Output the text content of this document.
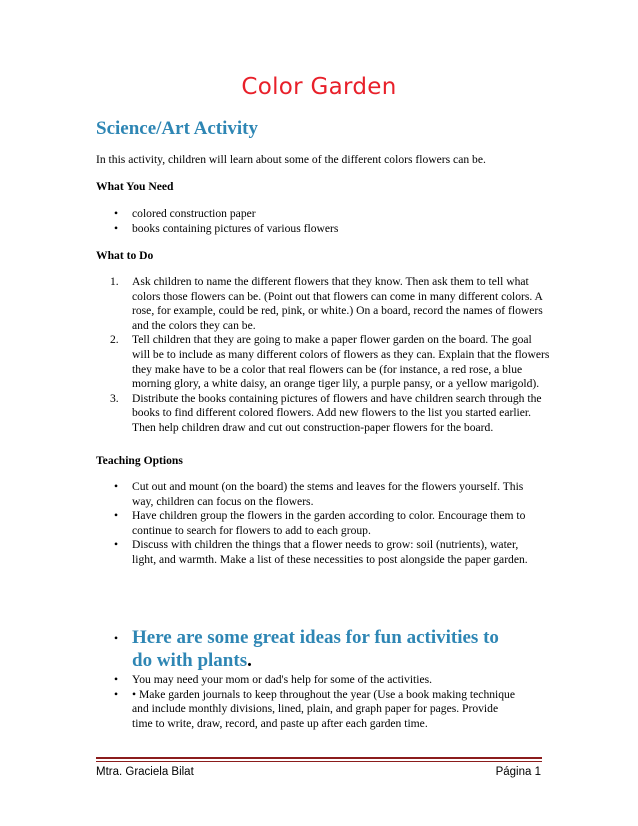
Color Garden
Science/Art Activity
In this activity, children will learn about some of the different colors flowers can be.
What You Need
• colored construction paper
• books containing pictures of various flowers
What to Do
1. Ask children to name the different flowers that they know. Then ask them to tell what colors those flowers can be. (Point out that flowers can come in many different colors. A rose, for example, could be red, pink, or white.) On a board, record the names of flowers and the colors they can be.
2. Tell children that they are going to make a paper flower garden on the board. The goal will be to include as many different colors of flowers as they can. Explain that the flowers they make have to be a color that real flowers can be (for instance, a red rose, a blue morning glory, a white daisy, an orange tiger lily, a purple pansy, or a yellow marigold).
3. Distribute the books containing pictures of flowers and have children search through the books to find different colored flowers. Add new flowers to the list you started earlier. Then help children draw and cut out construction-paper flowers for the board.
Teaching Options
• Cut out and mount (on the board) the stems and leaves for the flowers yourself. This way, children can focus on the flowers.
• Have children group the flowers in the garden according to color. Encourage them to continue to search for flowers to add to each group.
• Discuss with children the things that a flower needs to grow: soil (nutrients), water, light, and warmth. Make a list of these necessities to post alongside the paper garden.
• Here are some great ideas for fun activities to do with plants.
• You may need your mom or dad's help for some of the activities.
• • Make garden journals to keep throughout the year (Use a book making technique and include monthly divisions, lined, plain, and graph paper for pages. Provide time to write, draw, record, and paste up after each garden time.
Mtra. Graciela Bilat	Página 1
